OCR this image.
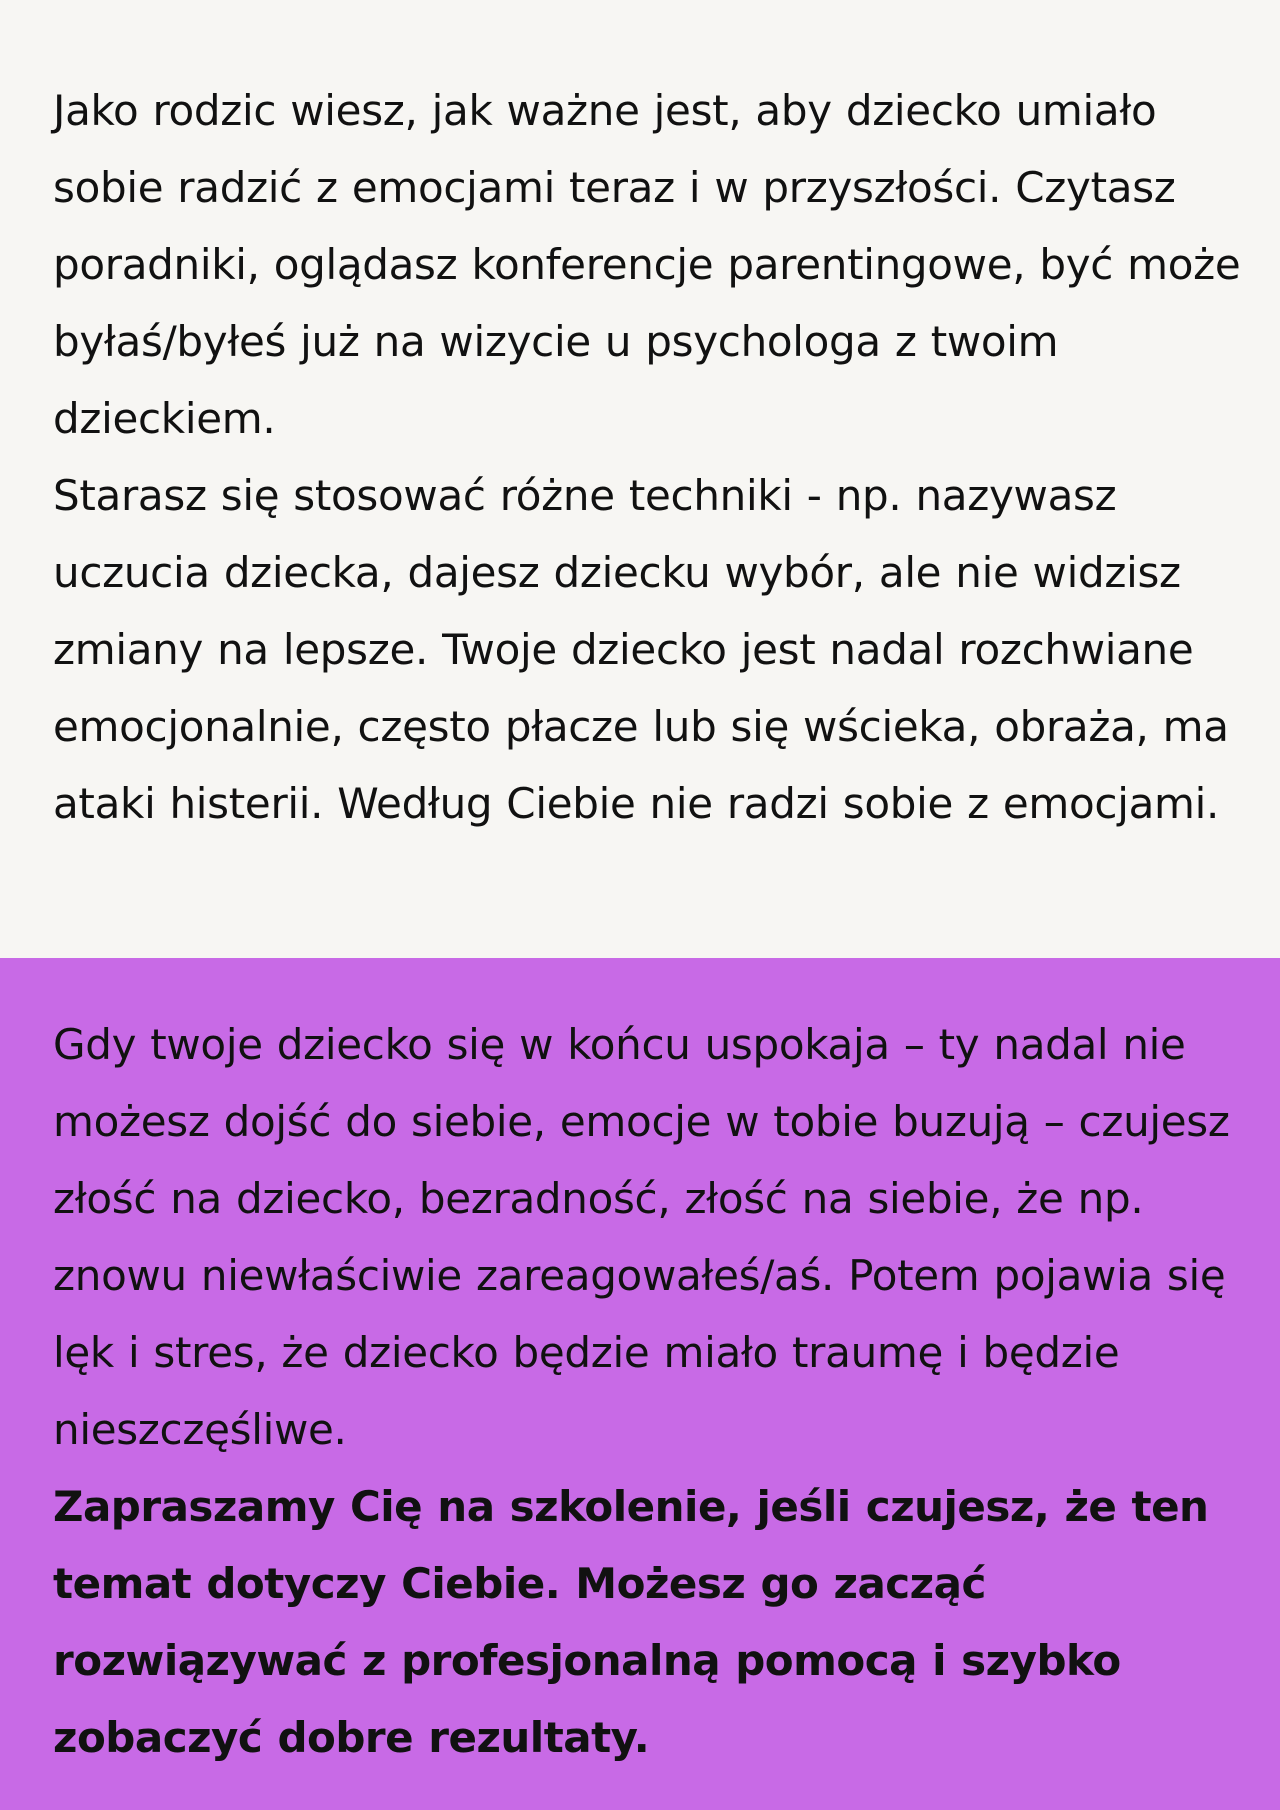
Jako rodzic wiesz, jak ważne jest, aby dziecko umiało sobie radzić z emocjami teraz i w przyszłości. Czytasz poradniki, oglądasz konferencje parentingowe, być może byłaś/byłeś już na wizycie u psychologa z twoim dzieckiem.

Starasz się stosować różne techniki - np. nazywasz uczucia dziecka, dajesz dziecku wybór, ale nie widzisz zmiany na lepsze. Twoje dziecko jest nadal rozchwiane emocjonalnie, często płacze lub się wścieka, obraża, ma ataki histerii. Według Ciebie nie radzi sobie z emocjami.

Gdy twoje dziecko się w końcu uspokaja – ty nadal nie możesz dojść do siebie, emocje w tobie buzują – czujesz złość na dziecko, bezradność, złość na siebie, że np. znowu niewłaściwie zareagowałeś/aś. Potem pojawia się lęk i stres, że dziecko będzie miało traumę i będzie nieszczęśliwe.

Zapraszamy Cię na szkolenie, jeśli czujesz, że ten temat dotyczy Ciebie. Możesz go zacząć rozwiązywać z profesjonalną pomocą i szybko zobaczyć dobre rezultaty.
